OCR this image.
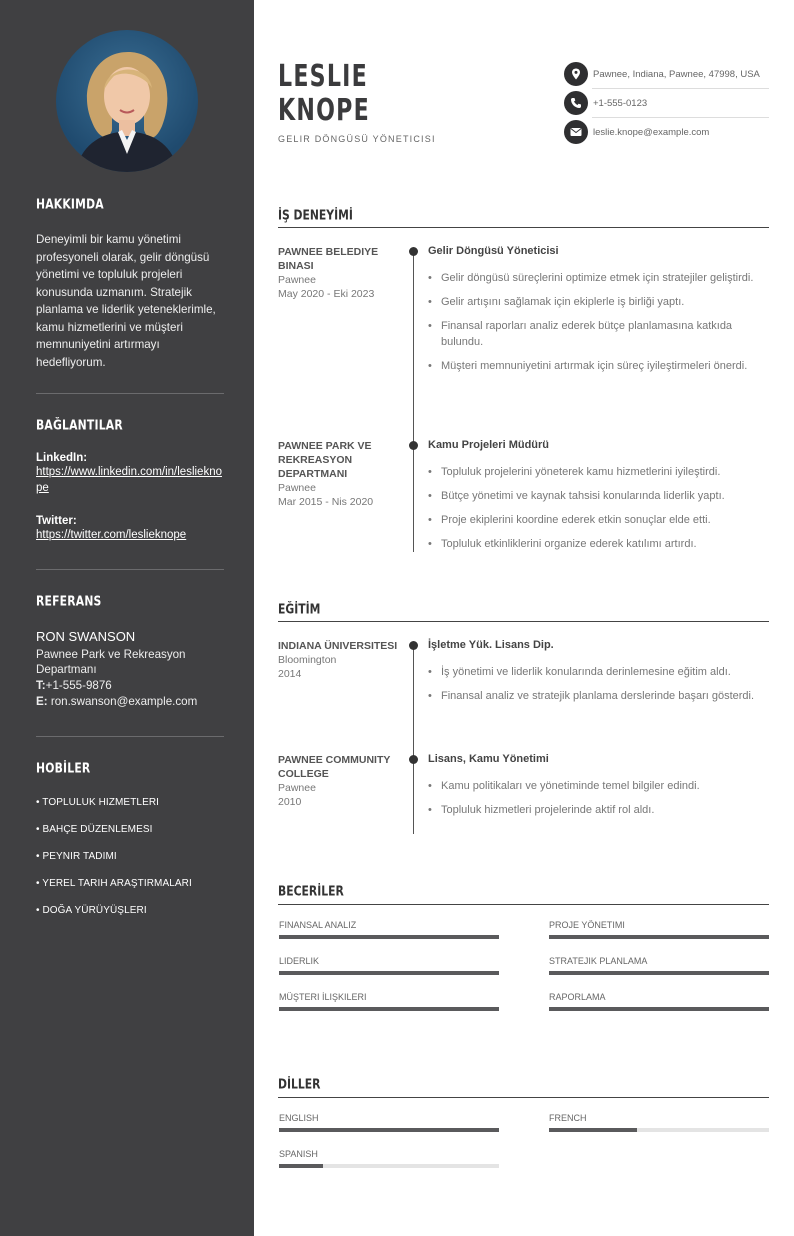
HAKKIMDA
Deneyimli bir kamu yönetimi profesyoneli olarak, gelir döngüsü yönetimi ve topluluk projeleri konusunda uzmanım. Stratejik planlama ve liderlik yeteneklerimle, kamu hizmetlerini ve müşteri memnuniyetini artırmayı hedefliyorum.
BAĞLANTILAR
LinkedIn:
https://www.linkedin.com/in/leslieknope
Twitter:
https://twitter.com/leslieknope
REFERANS
RON SWANSON
Pawnee Park ve Rekreasyon Departmanı
T:+1-555-9876
E: ron.swanson@example.com
HOBİLER
• TOPLULUK HIZMETLERI
• BAHÇE DÜZENLEMESI
• PEYNIR TADIMI
• YEREL TARIH ARAŞTIRMALARI
• DOĞA YÜRÜYÜŞLERI
LESLIE
KNOPE
GELIR DÖNGÜSÜ YÖNETICISI
Pawnee, Indiana, Pawnee, 47998, USA
+1-555-0123
leslie.knope@example.com
İŞ DENEYİMİ
PAWNEE BELEDIYE BINASI
Pawnee
May 2020 - Eki 2023
Gelir Döngüsü Yöneticisi
• Gelir döngüsü süreçlerini optimize etmek için stratejiler geliştirdi.
• Gelir artışını sağlamak için ekiplerle iş birliği yaptı.
• Finansal raporları analiz ederek bütçe planlamasına katkıda bulundu.
• Müşteri memnuniyetini artırmak için süreç iyileştirmeleri önerdi.
PAWNEE PARK VE REKREASYON DEPARTMANI
Pawnee
Mar 2015 - Nis 2020
Kamu Projeleri Müdürü
• Topluluk projelerini yöneterek kamu hizmetlerini iyileştirdi.
• Bütçe yönetimi ve kaynak tahsisi konularında liderlik yaptı.
• Proje ekiplerini koordine ederek etkin sonuçlar elde etti.
• Topluluk etkinliklerini organize ederek katılımı artırdı.
EĞİTİM
INDIANA ÜNIVERSITESI
Bloomington
2014
İşletme Yük. Lisans Dip.
• İş yönetimi ve liderlik konularında derinlemesine eğitim aldı.
• Finansal analiz ve stratejik planlama derslerinde başarı gösterdi.
PAWNEE COMMUNITY COLLEGE
Pawnee
2010
Lisans, Kamu Yönetimi
• Kamu politikaları ve yönetiminde temel bilgiler edindi.
• Topluluk hizmetleri projelerinde aktif rol aldı.
BECERİLER
FINANSAL ANALIZ	PROJE YÖNETIMI
LIDERLIK	STRATEJIK PLANLAMA
MÜŞTERI İLIŞKILERI	RAPORLAMA
DİLLER
ENGLISH	FRENCH
SPANISH
